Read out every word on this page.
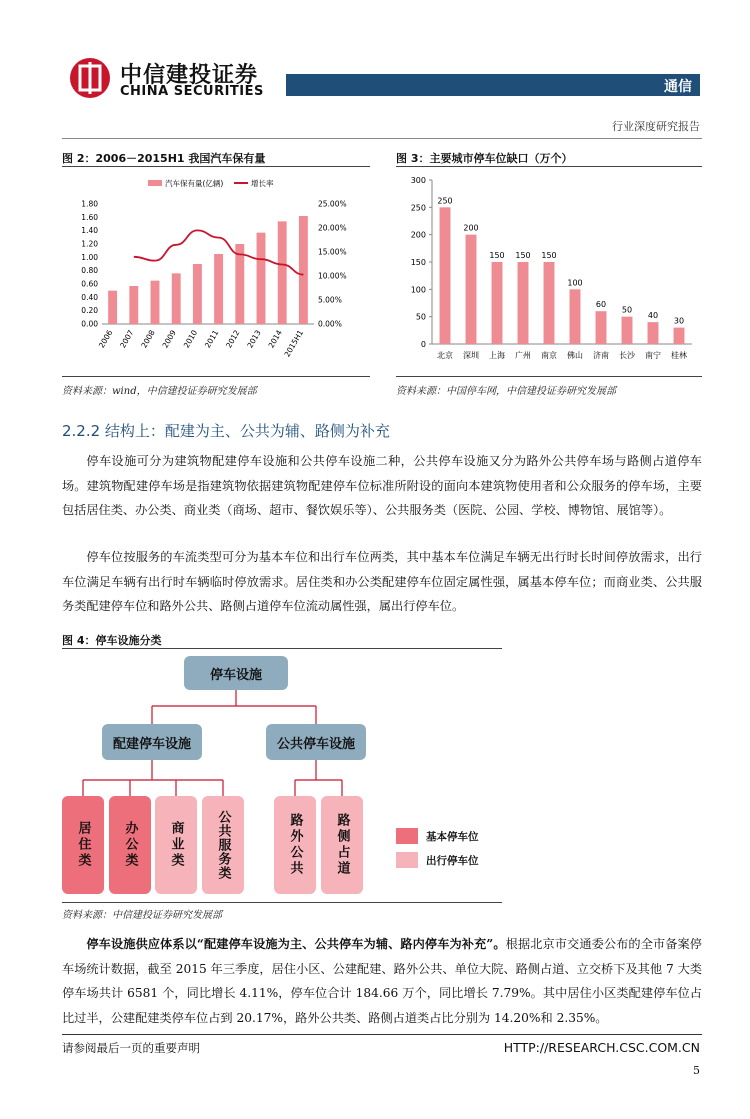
中信建投证券
CHINA SECURITIES	通信
行业深度研究报告
图 2：2006－2015H1 我国汽车保有量
汽车保有量(亿辆)	增长率
0.00
0.20
0.40
0.60
0.80
1.00
1.20
1.40
1.60
1.80
0.00%
5.00%
10.00%
15.00%
20.00%
25.00%
2006 2007 2008 2009 2010 2011 2012 2013 2014
2015H1
资料来源：wind，中信建投证券研究发展部
图 3：主要城市停车位缺口（万个）
0
50
100
150
200
250
300
250
200
150 150 150
100
60
50
40
30
北京 深圳 上海 广州 南京 佛山 济南 长沙 南宁 桂林
资料来源：中国停车网，中信建投证券研究发展部
2.2.2 结构上：配建为主、公共为辅、路侧为补充
停车设施可分为建筑物配建停车设施和公共停车设施二种，公共停车设施又分为路外公共停车场与路侧占道停车场。建筑物配建停车场是指建筑物依据建筑物配建停车位标准所附设的面向本建筑物使用者和公众服务的停车场，主要包括居住类、办公类、商业类（商场、超市、餐饮娱乐等）、公共服务类（医院、公园、学校、博物馆、展馆等）。
停车位按服务的车流类型可分为基本车位和出行车位两类，其中基本车位满足车辆无出行时长时间停放需求，出行车位满足车辆有出行时车辆临时停放需求。居住类和办公类配建停车位固定属性强，属基本停车位；而商业类、公共服务类配建停车位和路外公共、路侧占道停车位流动属性强，属出行停车位。
图 4：停车设施分类
停车设施
配建停车设施	公共停车设施
居住类	办公类	商业类	公共服务类	路外公共	路侧占道	基本停车位
出行停车位
资料来源：中信建投证券研究发展部
停车设施供应体系以“配建停车设施为主、公共停车为辅、路内停车为补充”。根据北京市交通委公布的全市备案停车场统计数据，截至 2015 年三季度，居住小区、公建配建、路外公共、单位大院、路侧占道、立交桥下及其他 7 大类停车场共计 6581 个，同比增长 4.11%，停车位合计 184.66 万个，同比增长 7.79%。其中居住小区类配建停车位占比过半，公建配建类停车位占到 20.17%，路外公共类、路侧占道类占比分别为 14.20%和 2.35%。
请参阅最后一页的重要声明	HTTP://RESEARCH.CSC.COM.CN
5
